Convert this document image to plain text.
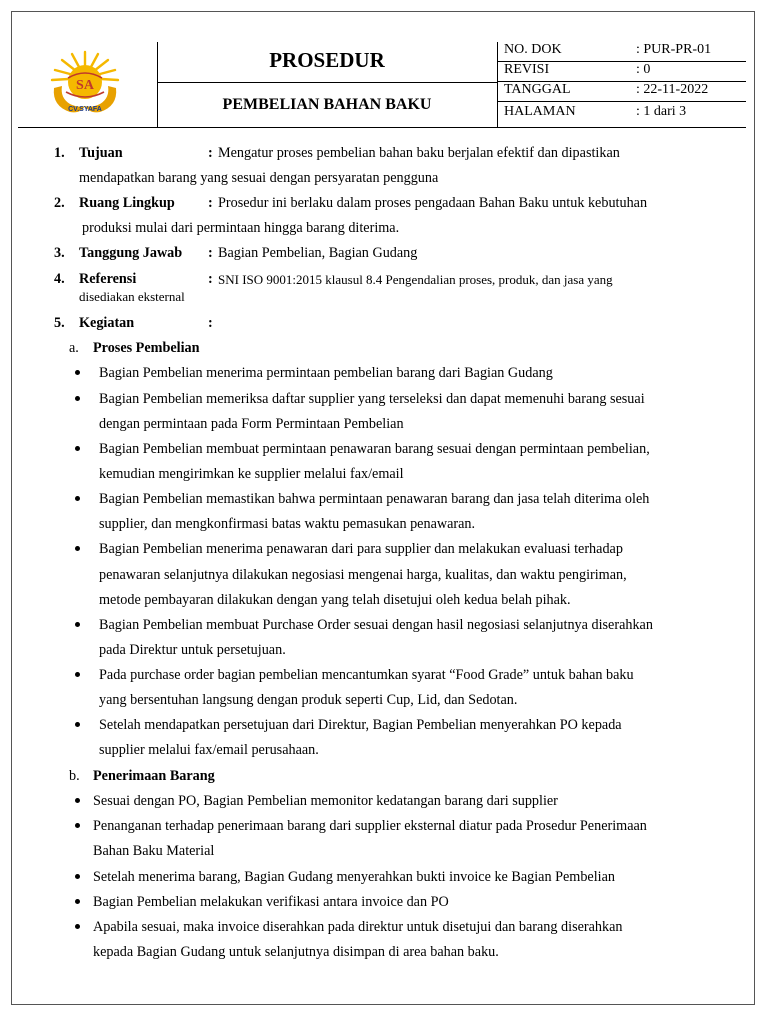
SA
CV.SYAFA
PROSEDUR
PEMBELIAN BAHAN BAKU
NO. DOK	: PUR-PR-01
REVISI	: 0
TANGGAL	: 22-11-2022
HALAMAN	: 1 dari 3
1. Tujuan	: Mengatur proses pembelian bahan baku berjalan efektif dan dipastikan
mendapatkan barang yang sesuai dengan persyaratan pengguna
2. Ruang Lingkup : Prosedur ini berlaku dalam proses pengadaan Bahan Baku untuk kebutuhan
produksi mulai dari permintaan hingga barang diterima.
3. Tanggung Jawab : Bagian Pembelian, Bagian Gudang
4. Referensi	: SNI ISO 9001:2015 klausul 8.4 Pengendalian proses, produk, dan jasa yang
disediakan eksternal
5. Kegiatan	:
a. Proses Pembelian
Bagian Pembelian menerima permintaan pembelian barang dari Bagian Gudang
Bagian Pembelian memeriksa daftar supplier yang terseleksi dan dapat memenuhi barang sesuai
dengan permintaan pada Form Permintaan Pembelian
Bagian Pembelian membuat permintaan penawaran barang sesuai dengan permintaan pembelian,
kemudian mengirimkan ke supplier melalui fax/email
Bagian Pembelian memastikan bahwa permintaan penawaran barang dan jasa telah diterima oleh
supplier, dan mengkonfirmasi batas waktu pemasukan penawaran.
Bagian Pembelian menerima penawaran dari para supplier dan melakukan evaluasi terhadap
penawaran selanjutnya dilakukan negosiasi mengenai harga, kualitas, dan waktu pengiriman,
metode pembayaran dilakukan dengan yang telah disetujui oleh kedua belah pihak.
Bagian Pembelian membuat Purchase Order sesuai dengan hasil negosiasi selanjutnya diserahkan
pada Direktur untuk persetujuan.
Pada purchase order bagian pembelian mencantumkan syarat “Food Grade” untuk bahan baku
yang bersentuhan langsung dengan produk seperti Cup, Lid, dan Sedotan.
Setelah mendapatkan persetujuan dari Direktur, Bagian Pembelian menyerahkan PO kepada
supplier melalui fax/email perusahaan.
b. Penerimaan Barang
Sesuai dengan PO, Bagian Pembelian memonitor kedatangan barang dari supplier
Penanganan terhadap penerimaan barang dari supplier eksternal diatur pada Prosedur Penerimaan
Bahan Baku Material
Setelah menerima barang, Bagian Gudang menyerahkan bukti invoice ke Bagian Pembelian
Bagian Pembelian melakukan verifikasi antara invoice dan PO
Apabila sesuai, maka invoice diserahkan pada direktur untuk disetujui dan barang diserahkan
kepada Bagian Gudang untuk selanjutnya disimpan di area bahan baku.
